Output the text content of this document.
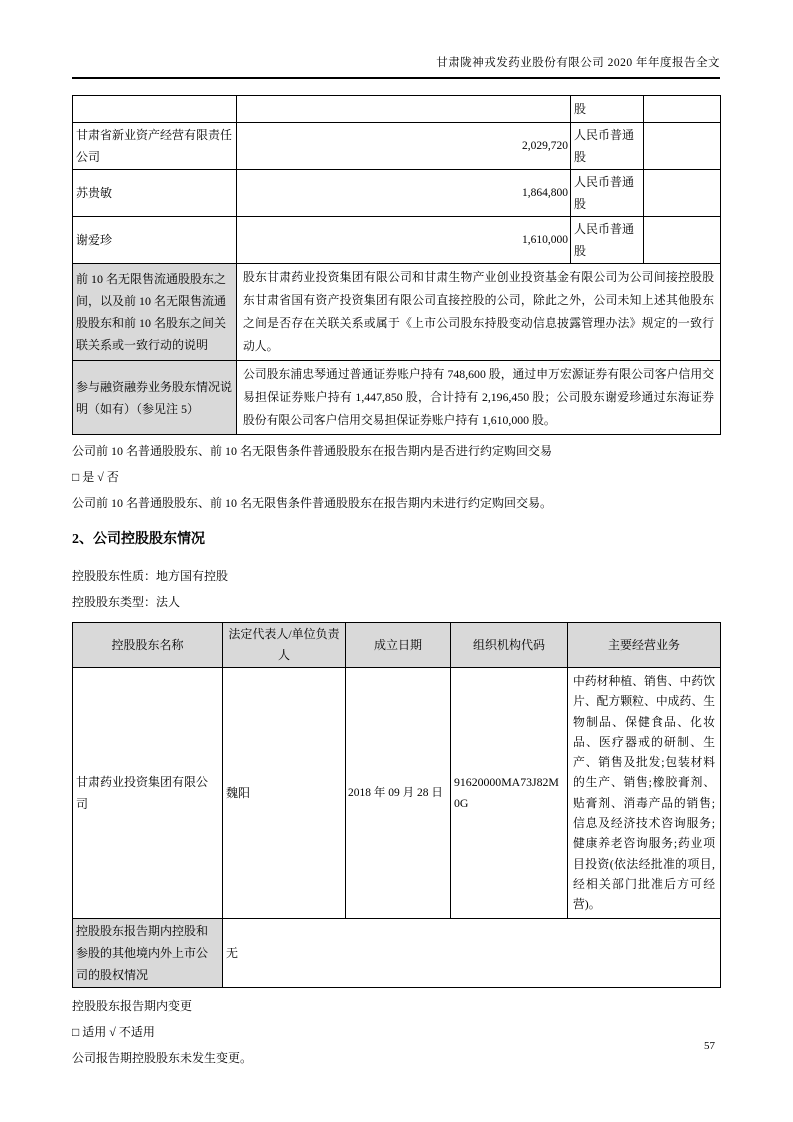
甘肃陇神戎发药业股份有限公司 2020 年年度报告全文
		股	
甘肃省新业资产经营有限责任公司	2,029,720	人民币普通股	
苏贵敏	1,864,800	人民币普通股	
谢爱珍	1,610,000	人民币普通股	
前 10 名无限售流通股股东之间，以及前 10 名无限售流通股股东和前 10 名股东之间关联关系或一致行动的说明	股东甘肃药业投资集团有限公司和甘肃生物产业创业投资基金有限公司为公司间接控股股东甘肃省国有资产投资集团有限公司直接控股的公司，除此之外，公司未知上述其他股东之间是否存在关联关系或属于《上市公司股东持股变动信息披露管理办法》规定的一致行动人。		
参与融资融券业务股东情况说明（如有）（参见注 5）	公司股东浦忠琴通过普通证券账户持有 748,600 股，通过申万宏源证券有限公司客户信用交易担保证券账户持有 1,447,850 股，合计持有 2,196,450 股；公司股东谢爱珍通过东海证券股份有限公司客户信用交易担保证券账户持有 1,610,000 股。		
公司前 10 名普通股股东、前 10 名无限售条件普通股股东在报告期内是否进行约定购回交易
□ 是 √ 否
公司前 10 名普通股股东、前 10 名无限售条件普通股股东在报告期内未进行约定购回交易。
2、公司控股股东情况
控股股东性质：地方国有控股
控股股东类型：法人
控股股东名称	法定代表人/单位负责人	成立日期	组织机构代码	主要经营业务
甘肃药业投资集团有限公司	魏阳	2018 年 09 月 28 日	91620000MA73J82M0G	中药材种植、销售、中药饮片、配方颗粒、中成药、生物制品、保健食品、化妆品、医疗器戒的研制、生产、销售及批发;包装材料的生产、销售;橡胶膏剂、贴膏剂、消毒产品的销售;信息及经济技术咨询服务;健康养老咨询服务;药业项目投资(依法经批准的项目,经相关部门批准后方可经营)。
控股股东报告期内控股和参股的其他境内外上市公司的股权情况	无			
控股股东报告期内变更
□ 适用 √ 不适用
公司报告期控股股东未发生变更。
57
